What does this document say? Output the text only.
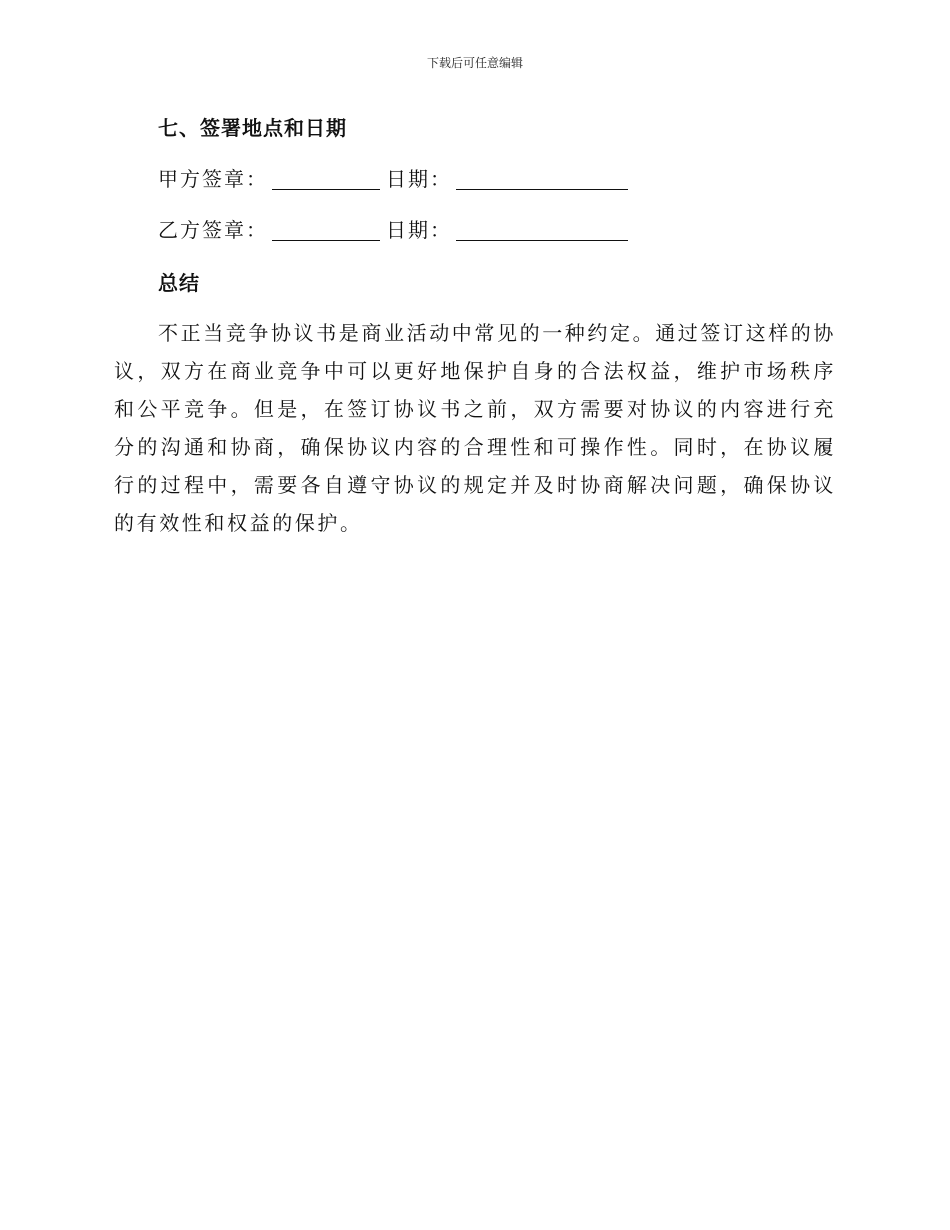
下载后可任意编辑
七、签署地点和日期
甲方签章：	日期：
乙方签章：	日期：
总结

不正当竞争协议书是商业活动中常见的一种约定。通过签订这样的协议，双方在商业竞争中可以更好地保护自身的合法权益，维护市场秩序和公平竞争。但是，在签订协议书之前，双方需要对协议的内容进行充分的沟通和协商，确保协议内容的合理性和可操作性。同时，在协议履行的过程中，需要各自遵守协议的规定并及时协商解决问题，确保协议的有效性和权益的保护。
